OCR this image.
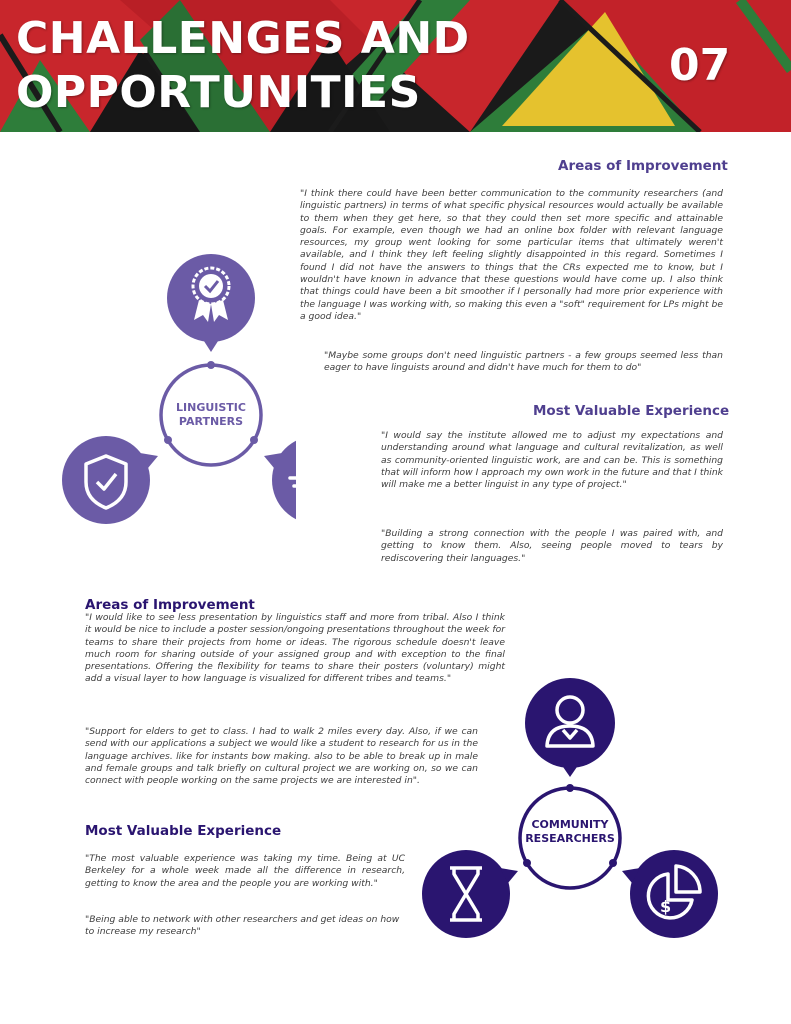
CHALLENGES AND
OPPORTUNITIES
07
LINGUISTIC
PARTNERS
Areas of Improvement

"I think there could have been better communication to the community researchers (and linguistic partners) in terms of what specific physical resources would actually be available to them when they get here, so that they could then set more specific and attainable goals. For example, even though we had an online box folder with relevant language resources, my group went looking for some particular items that ultimately weren't available, and I think they left feeling slightly disappointed in this regard. Sometimes I found I did not have the answers to things that the CRs expected me to know, but I wouldn't have known in advance that these questions would have come up. I also think that things could have been a bit smoother if I personally had more prior experience with the language I was working with, so making this even a "soft" requirement for LPs might be a good idea."

"Maybe some groups don't need linguistic partners - a few groups seemed less than eager to have linguists around and didn't have much for them to do"

Most Valuable Experience

"I would say the institute allowed me to adjust my expectations and understanding around what language and cultural revitalization, as well as community-oriented linguistic work, are and can be. This is something that will inform how I approach my own work in the future and that I think will make me a better linguist in any type of project."

"Building a strong connection with the people I was paired with, and getting to know them. Also, seeing people moved to tears by rediscovering their languages."

Areas of Improvement

"I would like to see less presentation by linguistics staff and more from tribal. Also I think it would be nice to include a poster session/ongoing presentations throughout the week for teams to share their projects from home or ideas. The rigorous schedule doesn't leave much room for sharing outside of your assigned group and with exception to the final presentations. Offering the flexibility for teams to share their posters (voluntary) might add a visual layer to how language is visualized for different tribes and teams."

"Support for elders to get to class. I had to walk 2 miles every day. Also, if we can send with our applications a subject we would like a student to research for us in the language archives. like for instants bow making. also to be able to break up in male and female groups and talk briefly on cultural project we are working on, so we can connect with people working on the same projects we are interested in".

Most Valuable Experience

"The most valuable experience was taking my time. Being at UC Berkeley for a whole week made all the difference in research, getting to know the area and the people you are working with."

"Being able to network with other researchers and get ideas on how to increase my research"

$
COMMUNITY
RESEARCHERS
